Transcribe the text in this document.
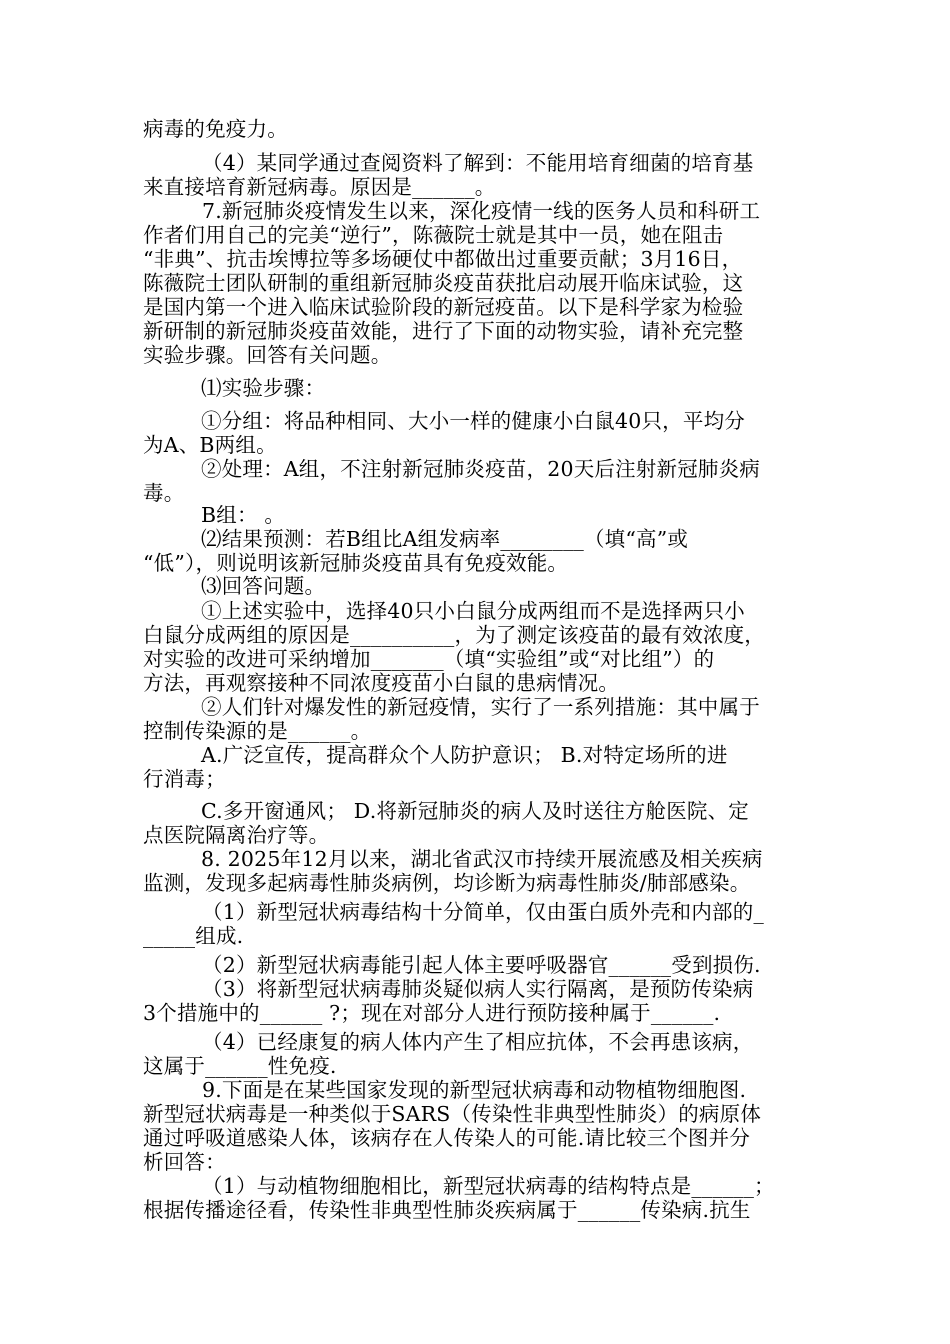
病毒的免疫力。
（4）某同学通过查阅资料了解到：不能用培育细菌的培育基
来直接培育新冠病毒。原因是______。
7.新冠肺炎疫情发生以来，深化疫情一线的医务人员和科研工
作者们用自己的完美“逆行”，陈薇院士就是其中一员，她在阻击
“非典”、抗击埃博拉等多场硬仗中都做出过重要贡献；3月16日，
陈薇院士团队研制的重组新冠肺炎疫苗获批启动展开临床试验，这
是国内第一个进入临床试验阶段的新冠疫苗。以下是科学家为检验
新研制的新冠肺炎疫苗效能，进行了下面的动物实验，请补充完整
实验步骤。回答有关问题。
⑴实验步骤：
①分组：将品种相同、大小一样的健康小白鼠40只，平均分
为A、B两组。
②处理：A组，不注射新冠肺炎疫苗，20天后注射新冠肺炎病
毒。
B组： 。
⑵结果预测：若B组比A组发病率________（填“高”或
“低”），则说明该新冠肺炎疫苗具有免疫效能。
⑶回答问题。
①上述实验中，选择40只小白鼠分成两组而不是选择两只小
白鼠分成两组的原因是__________，为了测定该疫苗的最有效浓度，
对实验的改进可采纳增加_______（填“实验组”或“对比组”）的
方法，再观察接种不同浓度疫苗小白鼠的患病情况。
②人们针对爆发性的新冠疫情，实行了一系列措施：其中属于
控制传染源的是______。
A.广泛宣传，提高群众个人防护意识； B.对特定场所的进
行消毒；
C.多开窗通风； D.将新冠肺炎的病人及时送往方舱医院、定
点医院隔离治疗等。
8. 2025年12月以来，湖北省武汉市持续开展流感及相关疾病
监测，发现多起病毒性肺炎病例，均诊断为病毒性肺炎/肺部感染。
（1）新型冠状病毒结构十分简单，仅由蛋白质外壳和内部的_
_____组成.
（2）新型冠状病毒能引起人体主要呼吸器官______受到损伤.
（3）将新型冠状病毒肺炎疑似病人实行隔离，是预防传染病
3个措施中的______ ?；现在对部分人进行预防接种属于______.
（4）已经康复的病人体内产生了相应抗体，不会再患该病，
这属于______性免疫.
9.下面是在某些国家发现的新型冠状病毒和动物植物细胞图.
新型冠状病毒是一种类似于SARS（传染性非典型性肺炎）的病原体
通过呼吸道感染人体，该病存在人传染人的可能.请比较三个图并分
析回答：
（1）与动植物细胞相比，新型冠状病毒的结构特点是______；
根据传播途径看，传染性非典型性肺炎疾病属于______传染病.抗生
